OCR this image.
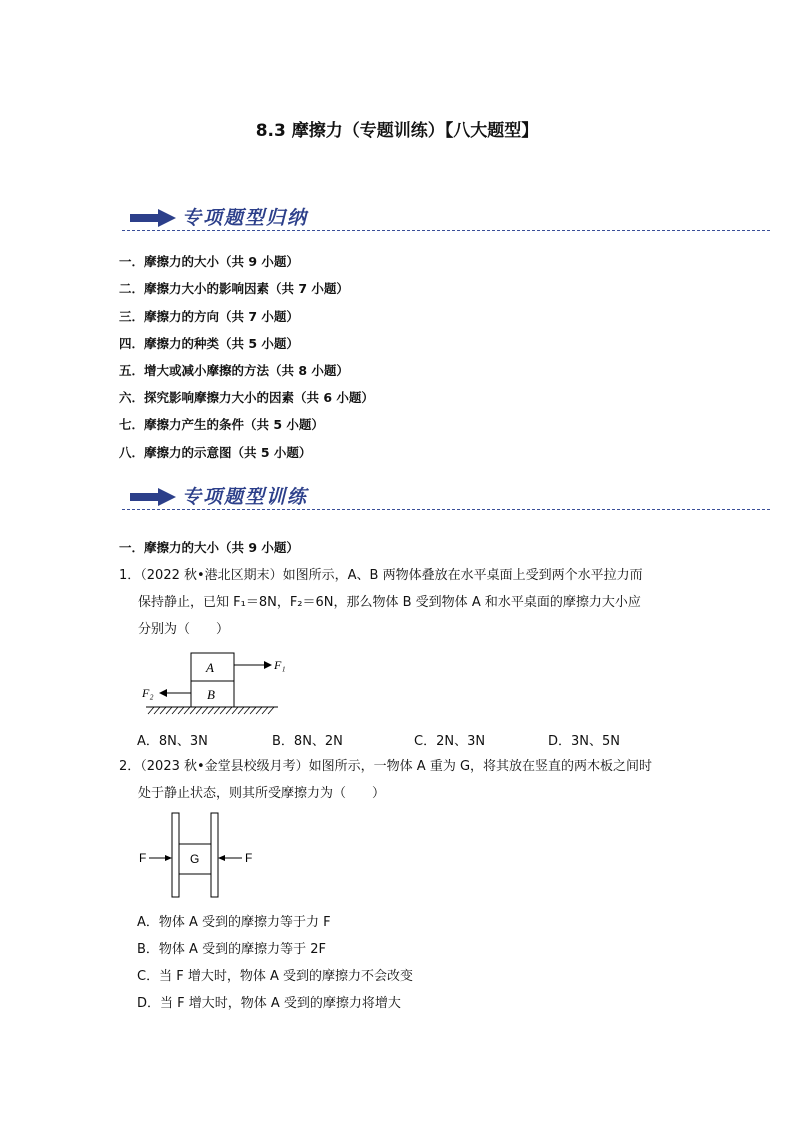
8.3 摩擦力（专题训练）【八大题型】
专项题型归纳
一．摩擦力的大小（共 9 小题）
二．摩擦力大小的影响因素（共 7 小题）
三．摩擦力的方向（共 7 小题）
四．摩擦力的种类（共 5 小题）
五．增大或减小摩擦的方法（共 8 小题）
六．探究影响摩擦力大小的因素（共 6 小题）
七．摩擦力产生的条件（共 5 小题）
八．摩擦力的示意图（共 5 小题）
专项题型训练
一．摩擦力的大小（共 9 小题）
1．（2022 秋•港北区期末）如图所示，A、B 两物体叠放在水平桌面上受到两个水平拉力而
保持静止，已知 F₁＝8N，F₂＝6N，那么物体 B 受到物体 A 和水平桌面的摩擦力大小应
分别为（　　）
A
B
F₁
F₂
A．8N、3N	B．8N、2N	C．2N、3N	D．3N、5N
2．（2023 秋•金堂县校级月考）如图所示，一物体 A 重为 G，将其放在竖直的两木板之间时
处于静止状态，则其所受摩擦力为（　　）
G
F	F
A．物体 A 受到的摩擦力等于力 F
B．物体 A 受到的摩擦力等于 2F
C．当 F 增大时，物体 A 受到的摩擦力不会改变
D．当 F 增大时，物体 A 受到的摩擦力将增大
